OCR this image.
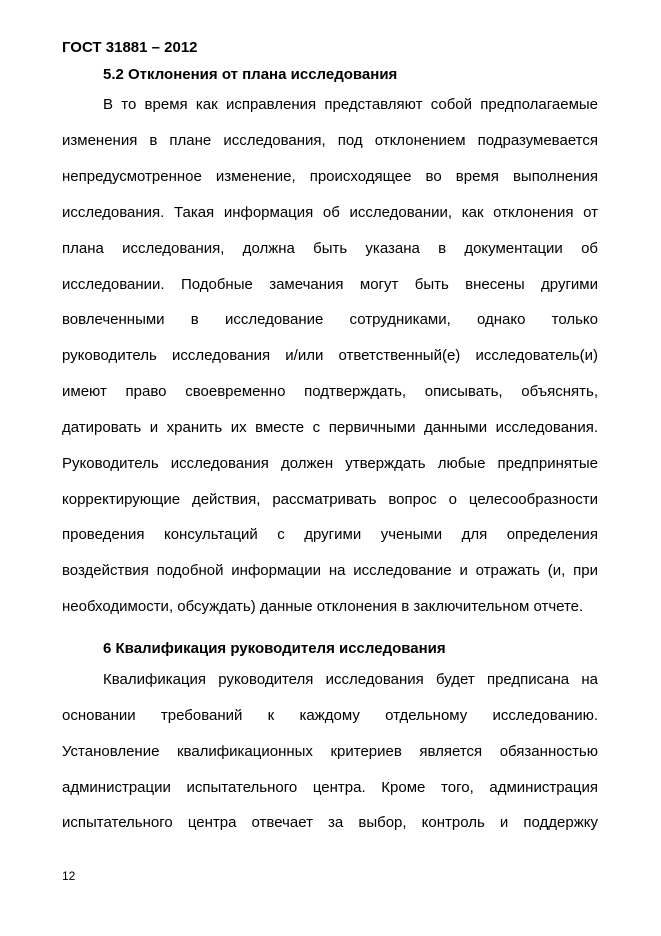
ГОСТ 31881 – 2012
5.2 Отклонения от плана исследования
В то время как исправления представляют собой предполагаемые
изменения в плане исследования, под отклонением подразумевается
непредусмотренное изменение, происходящее во время выполнения
исследования. Такая информация об исследовании, как отклонения от
плана исследования, должна быть указана в документации об
исследовании. Подобные замечания могут быть внесены другими
вовлеченными в исследование сотрудниками, однако только
руководитель исследования и/или ответственный(е) исследователь(и)
имеют право своевременно подтверждать, описывать, объяснять,
датировать и хранить их вместе с первичными данными исследования.
Руководитель исследования должен утверждать любые предпринятые
корректирующие действия, рассматривать вопрос о целесообразности
проведения консультаций с другими учеными для определения
воздействия подобной информации на исследование и отражать (и, при
необходимости, обсуждать) данные отклонения в заключительном отчете.
6 Квалификация руководителя исследования
Квалификация руководителя исследования будет предписана на
основании требований к каждому отдельному исследованию.
Установление квалификационных критериев является обязанностью
администрации испытательного центра. Кроме того, администрация
испытательного центра отвечает за выбор, контроль и поддержку
12
